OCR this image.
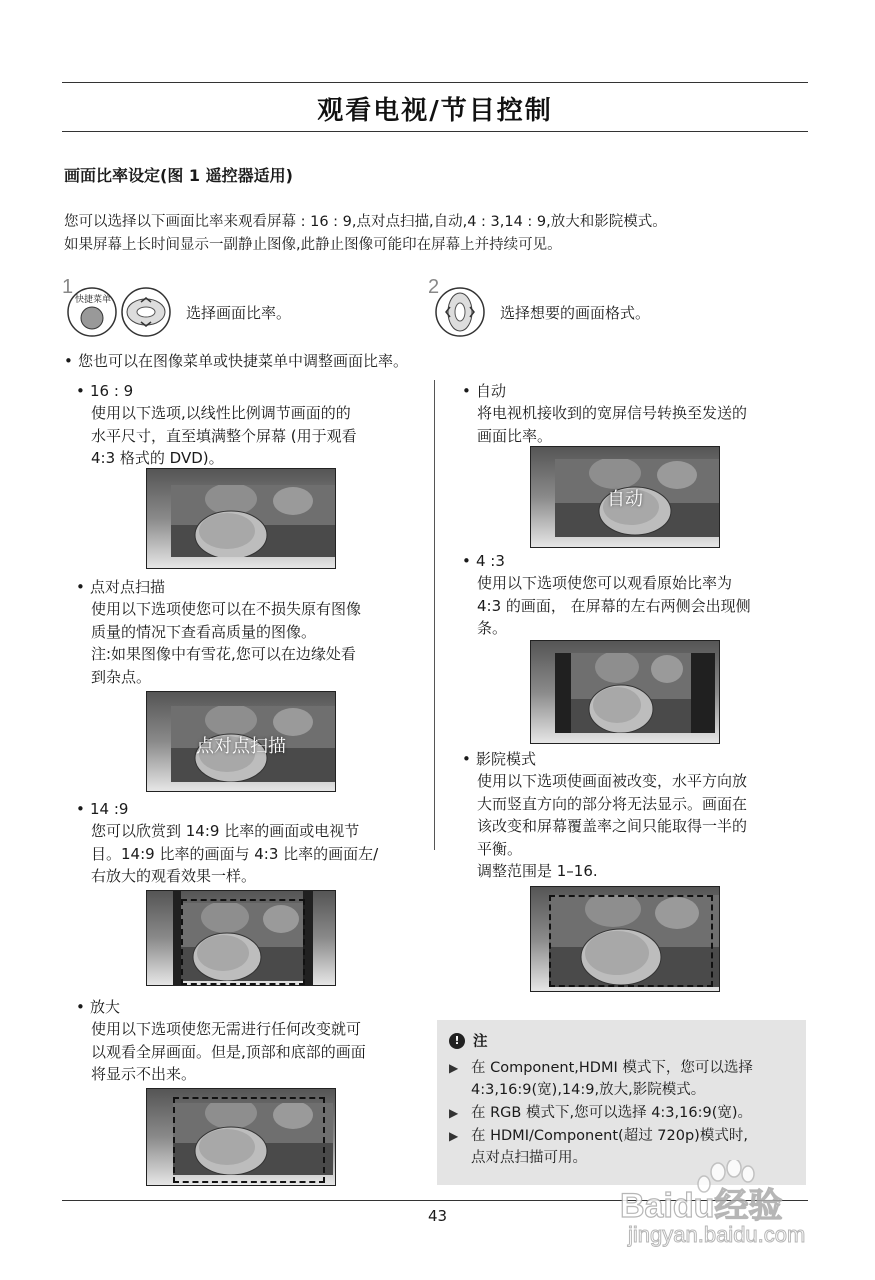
观看电视/节目控制
画面比率设定(图 1 遥控器适用)
您可以选择以下画面比率来观看屏幕 : 16 : 9,点对点扫描,自动,4 : 3,14 : 9,放大和影院模式。
如果屏幕上长时间显示一副静止图像,此静止图像可能印在屏幕上并持续可见。
1
快捷菜单
选择画面比率。
2
选择想要的画面格式。
• 您也可以在图像菜单或快捷菜单中调整画面比率。
• 16 : 9
使用以下选项,以线性比例调节画面的的
水平尺寸，直至填满整个屏幕 (用于观看
4:3 格式的 DVD)。
• 点对点扫描
使用以下选项使您可以在不损失原有图像
质量的情况下查看高质量的图像。
注:如果图像中有雪花,您可以在边缘处看
到杂点。
点对点扫描
• 14 :9
您可以欣赏到 14:9 比率的画面或电视节
目。14:9 比率的画面与 4:3 比率的画面左/
右放大的观看效果一样。
• 放大
使用以下选项使您无需进行任何改变就可
以观看全屏画面。但是,顶部和底部的画面
将显示不出来。
• 自动
将电视机接收到的宽屏信号转换至发送的
画面比率。
自动
• 4 :3
使用以下选项使您可以观看原始比率为
4:3 的画面， 在屏幕的左右两侧会出现侧
条。
• 影院模式
使用以下选项使画面被改变，水平方向放
大而竖直方向的部分将无法显示。画面在
该改变和屏幕覆盖率之间只能取得一半的
平衡。
调整范围是 1–16.
! 注
▶ 在 Component,HDMI 模式下，您可以选择
4:3,16:9(宽),14:9,放大,影院模式。
▶ 在 RGB 模式下,您可以选择 4:3,16:9(宽)。
▶ 在 HDMI/Component(超过 720p)模式时,
点对点扫描可用。
43	Baidu经验
jingyan.baidu.com
